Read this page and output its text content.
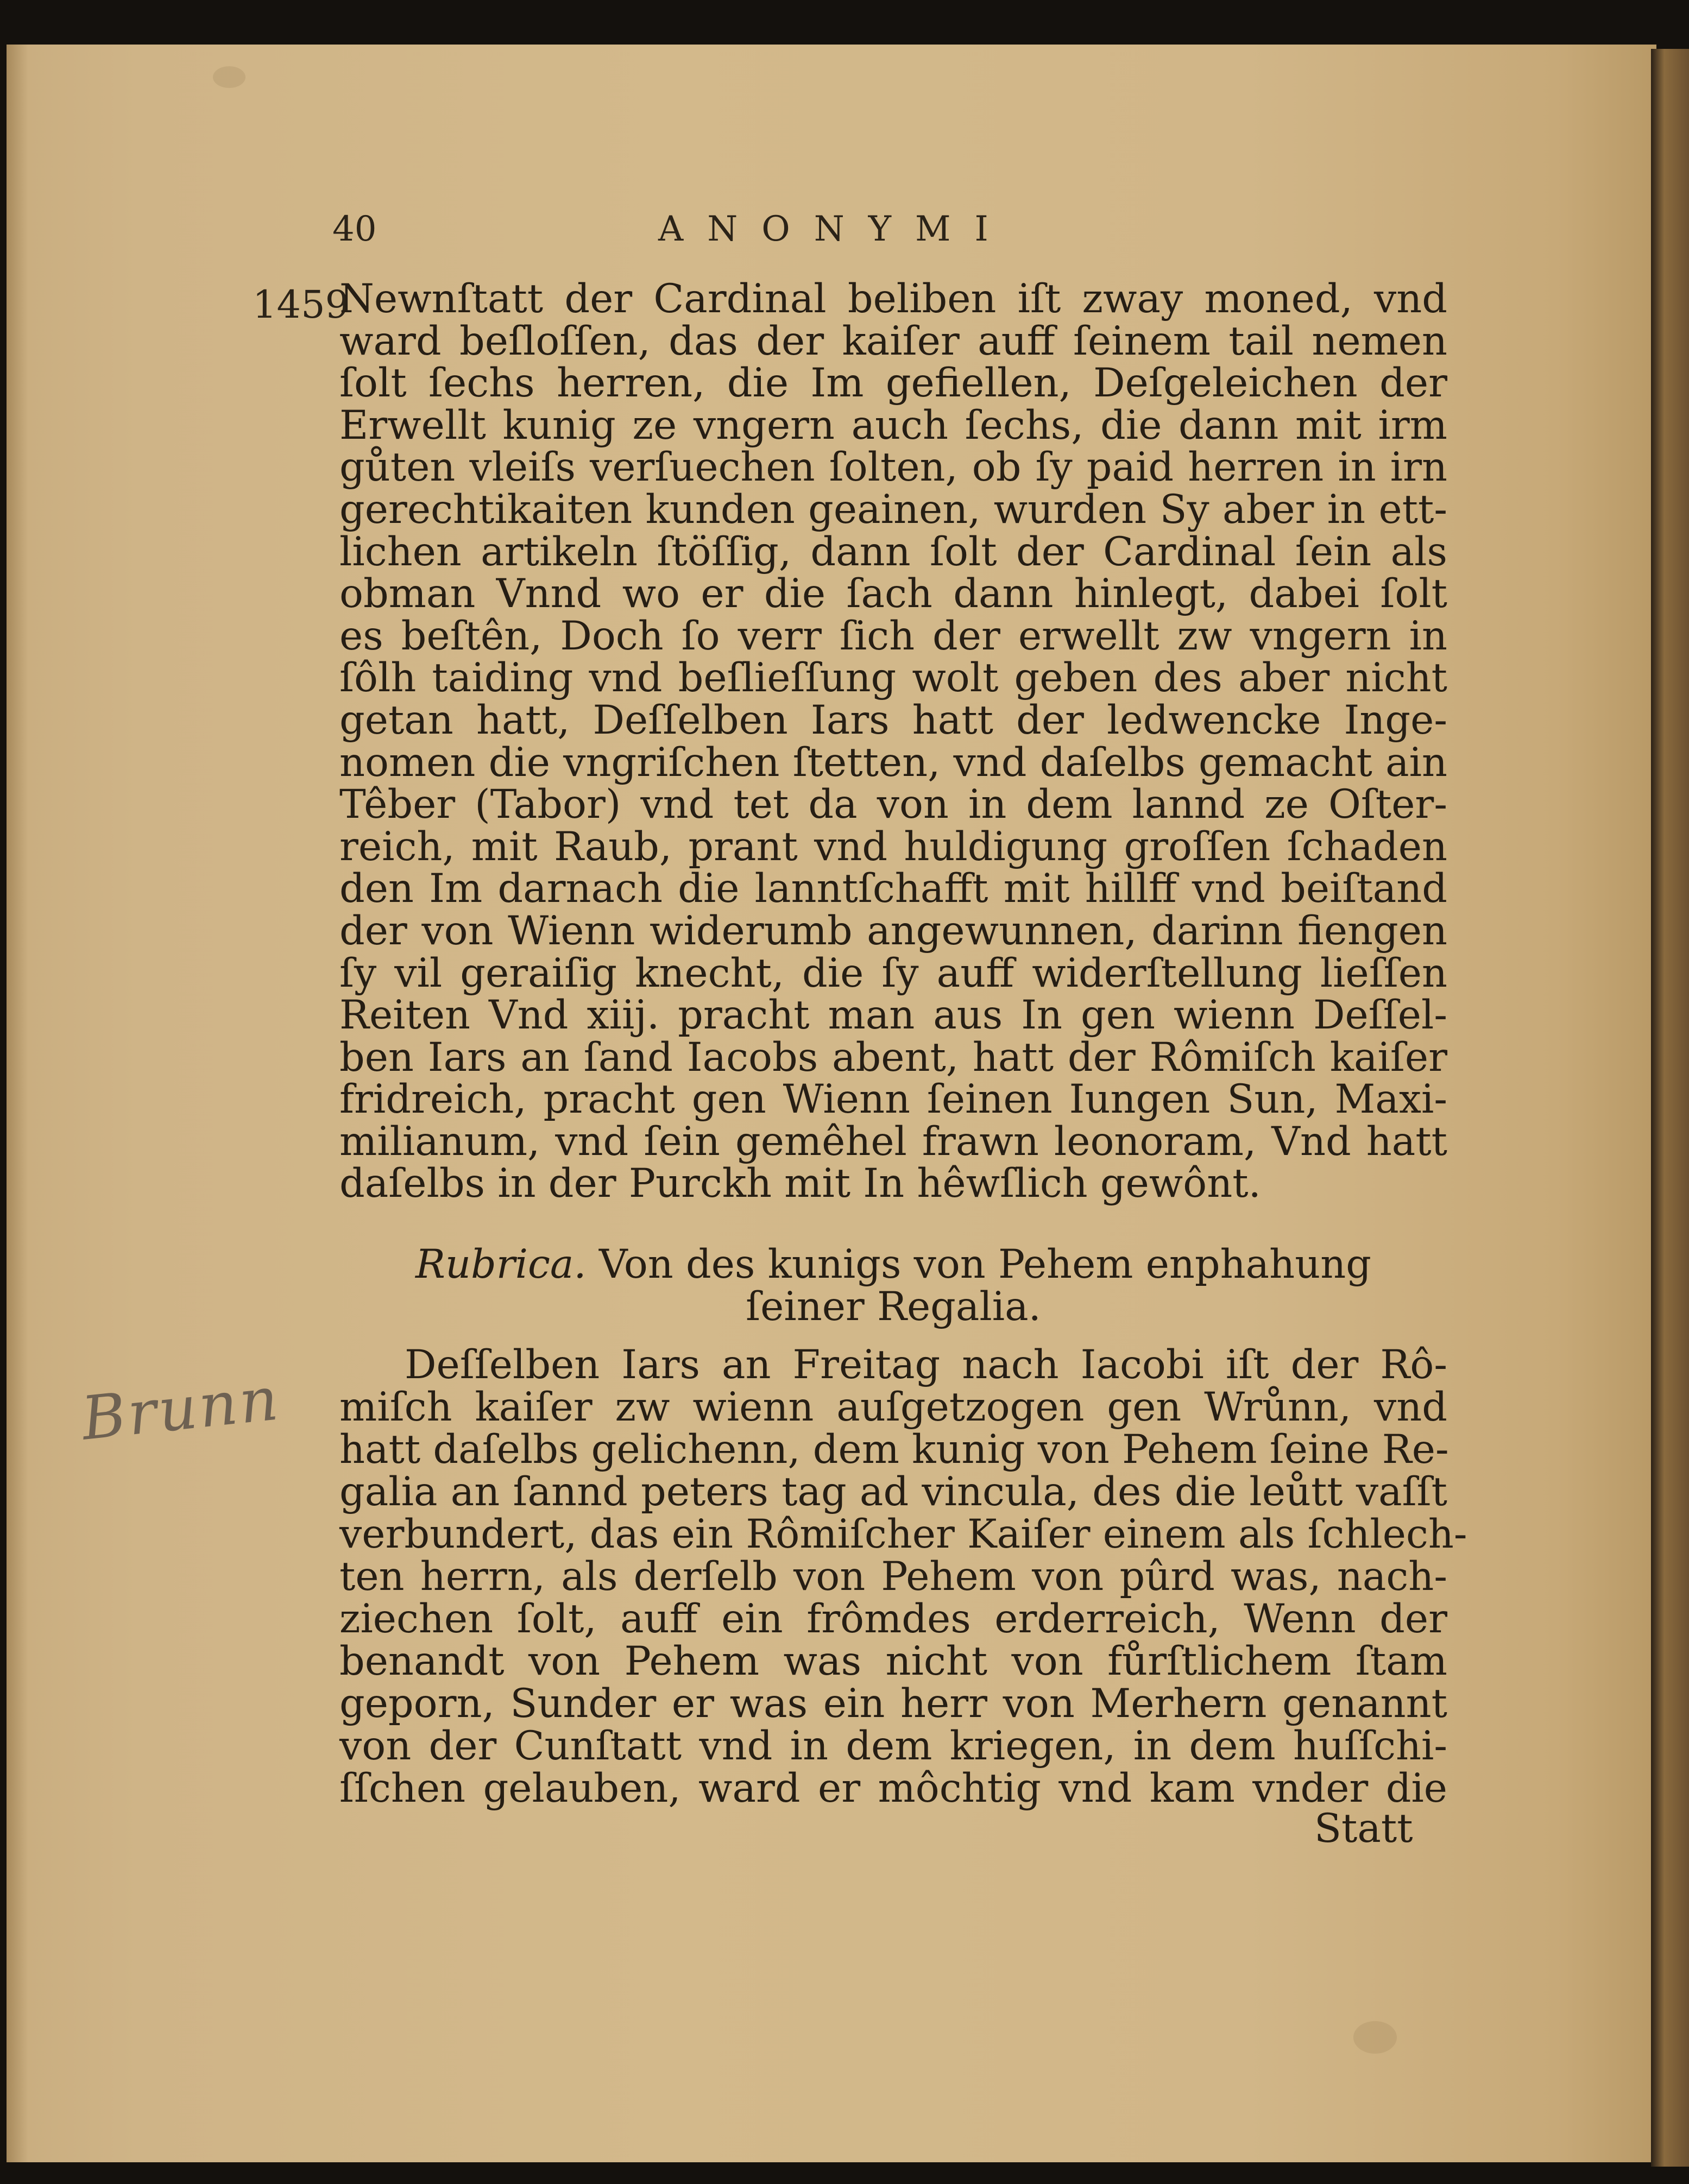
40	ANONYMI
1459
Newnſtatt der Cardinal beliben iſt zway moned, vnd
ward beſloſſen, das der kaiſer auff ſeinem tail nemen
ſolt ſechs herren, die Im gefiellen, Deſgeleichen der
Erwellt kunig ze vngern auch ſechs, die dann mit irm
gůten vleiſs verſuechen ſolten, ob ſy paid herren in irn
gerechtikaiten kunden geainen, wurden Sy aber in ett-
lichen artikeln ſtöſſig, dann ſolt der Cardinal ſein als
obman Vnnd wo er die ſach dann hinlegt, dabei ſolt
es beſtên, Doch ſo verr ſich der erwellt zw vngern in
ſôlh taiding vnd beſlieſſung wolt geben des aber nicht
getan hatt, Deſſelben Iars hatt der ledwencke Inge-
nomen die vngriſchen ſtetten, vnd daſelbs gemacht ain
Têber (Tabor) vnd tet da von in dem lannd ze Oſter-
reich, mit Raub, prant vnd huldigung groſſen ſchaden
den Im darnach die lanntſchafft mit hillff vnd beiſtand
der von Wienn widerumb angewunnen, darinn fiengen
ſy vil geraiſig knecht, die ſy auff widerſtellung lieſſen
Reiten Vnd xiij. pracht man aus In gen wienn Deſſel-
ben Iars an ſand Iacobs abent, hatt der Rômiſch kaiſer
fridreich, pracht gen Wienn ſeinen Iungen Sun, Maxi-
milianum, vnd ſein gemêhel frawn leonoram, Vnd hatt
daſelbs in der Purckh mit In hêwſlich gewônt.
Rubrica. Von des kunigs von Pehem enphahung
ſeiner Regalia.
Deſſelben Iars an Freitag nach Iacobi iſt der Rô-
miſch kaiſer zw wienn auſgetzogen gen Wrůnn, vnd
hatt daſelbs gelichenn, dem kunig von Pehem ſeine Re-
galia an ſannd peters tag ad vincula, des die leůtt vaſſt
verbundert, das ein Rômiſcher Kaiſer einem als ſchlech-
ten herrn, als derſelb von Pehem von pûrd was, nach-
ziechen ſolt, auff ein frômdes erderreich, Wenn der
benandt von Pehem was nicht von fůrſtlichem ſtam
geporn, Sunder er was ein herr von Merhern genannt
von der Cunſtatt vnd in dem kriegen, in dem huſſchi-
ſſchen gelauben, ward er môchtig vnd kam vnder die
Statt
Brunn
